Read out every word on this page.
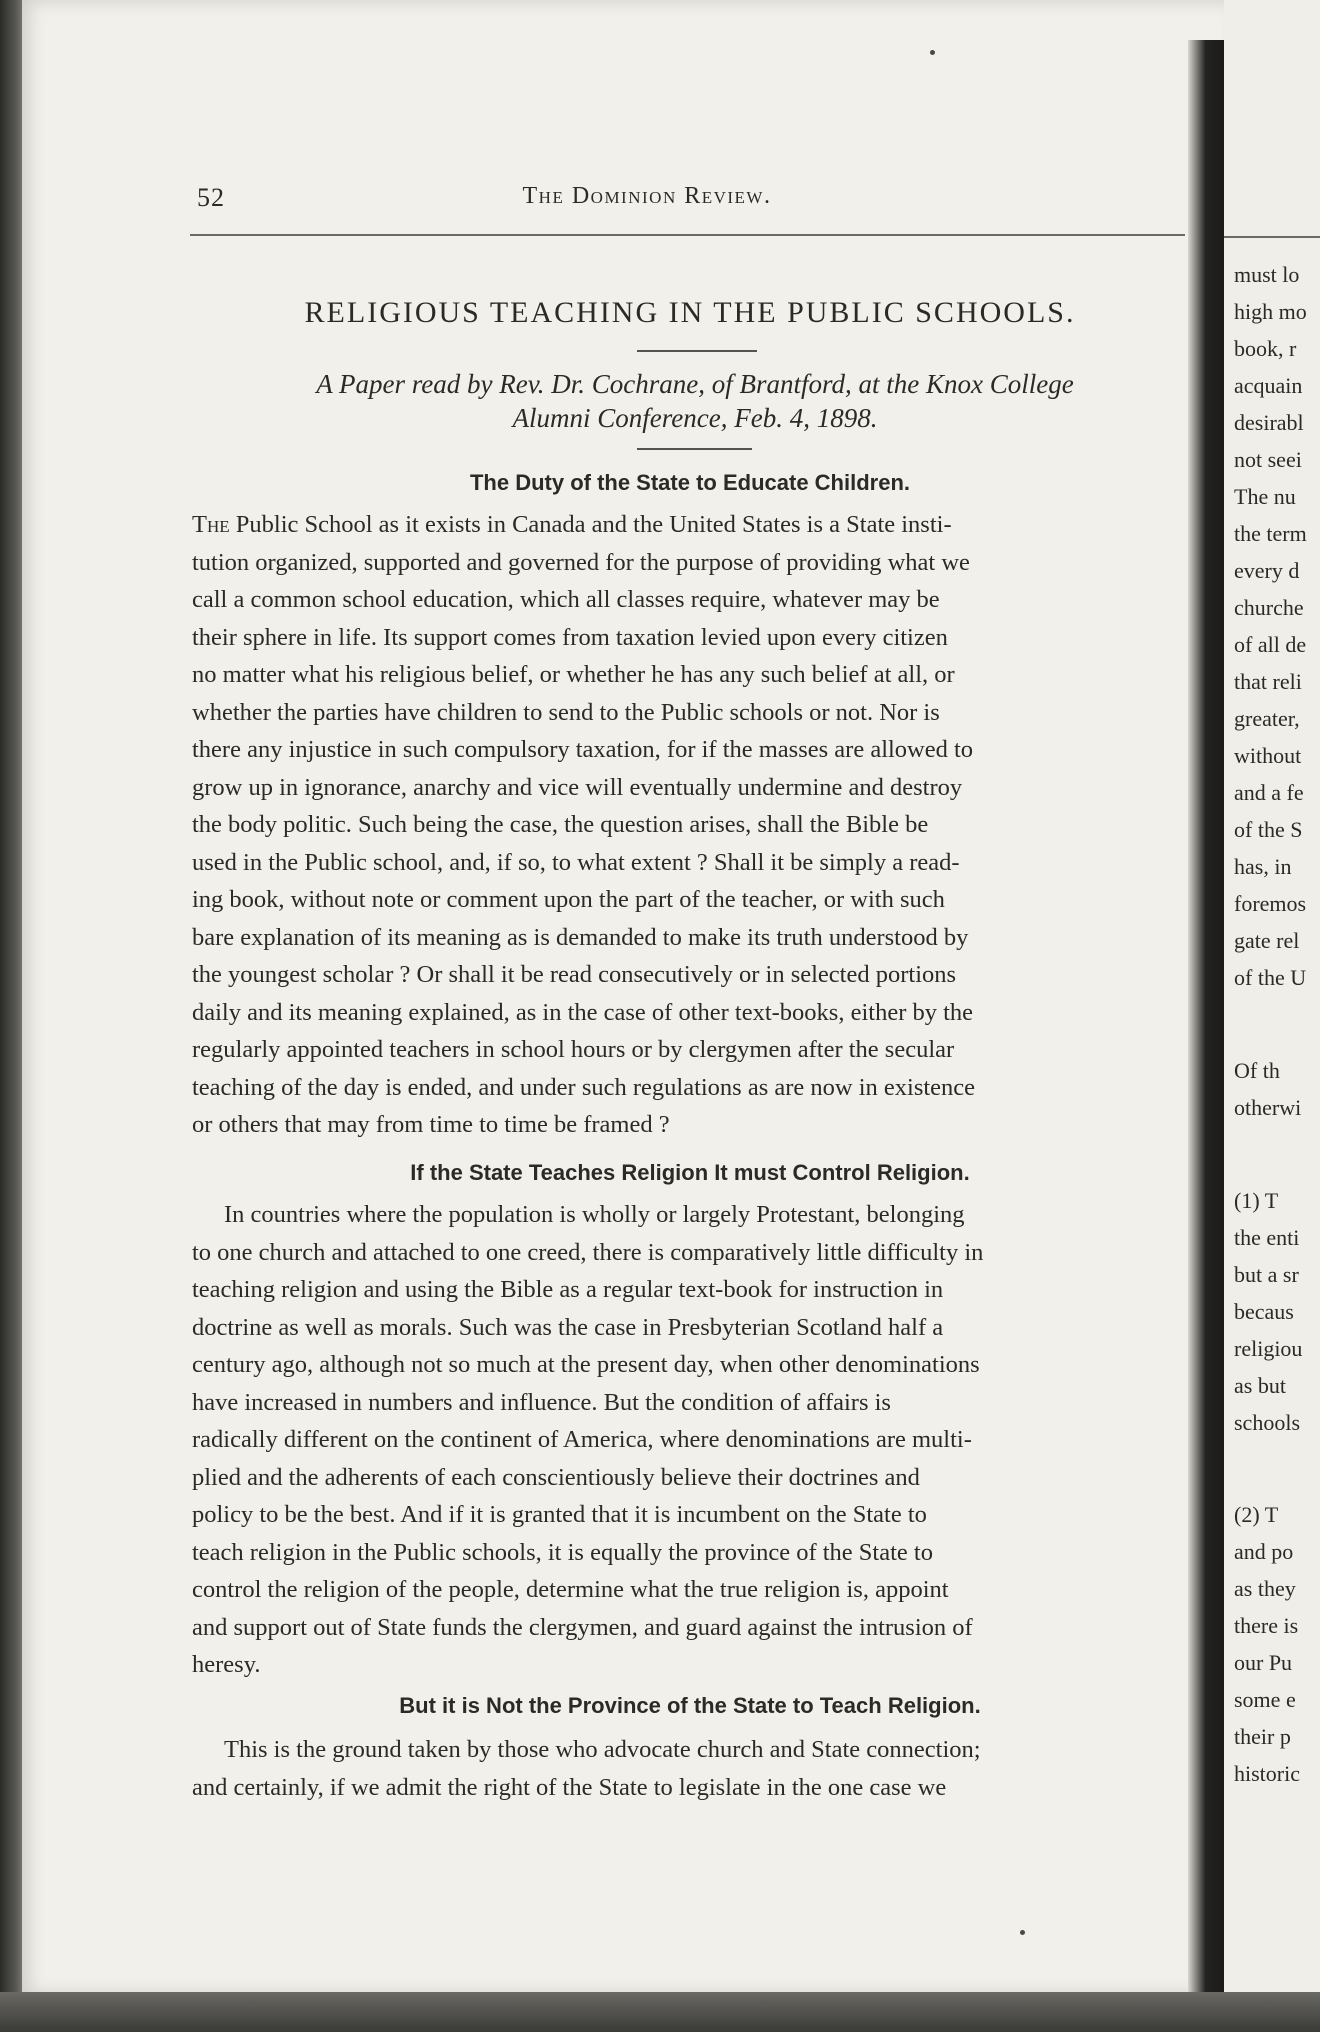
52	The Dominion Review.
RELIGIOUS TEACHING IN THE PUBLIC SCHOOLS.
A Paper read by Rev. Dr. Cochrane, of Brantford, at the Knox College
Alumni Conference, Feb. 4, 1898.
The Duty of the State to Educate Children.
The Public School as it exists in Canada and the United States is a State insti-
tution organized, supported and governed for the purpose of providing what we
call a common school education, which all classes require, whatever may be
their sphere in life. Its support comes from taxation levied upon every citizen
no matter what his religious belief, or whether he has any such belief at all, or
whether the parties have children to send to the Public schools or not. Nor is
there any injustice in such compulsory taxation, for if the masses are allowed to
grow up in ignorance, anarchy and vice will eventually undermine and destroy
the body politic. Such being the case, the question arises, shall the Bible be
used in the Public school, and, if so, to what extent ? Shall it be simply a read-
ing book, without note or comment upon the part of the teacher, or with such
bare explanation of its meaning as is demanded to make its truth understood by
the youngest scholar ? Or shall it be read consecutively or in selected portions
daily and its meaning explained, as in the case of other text-books, either by the
regularly appointed teachers in school hours or by clergymen after the secular
teaching of the day is ended, and under such regulations as are now in existence
or others that may from time to time be framed ?
If the State Teaches Religion It must Control Religion.
In countries where the population is wholly or largely Protestant, belonging
to one church and attached to one creed, there is comparatively little difficulty in
teaching religion and using the Bible as a regular text-book for instruction in
doctrine as well as morals. Such was the case in Presbyterian Scotland half a
century ago, although not so much at the present day, when other denominations
have increased in numbers and influence. But the condition of affairs is
radically different on the continent of America, where denominations are multi-
plied and the adherents of each conscientiously believe their doctrines and
policy to be the best. And if it is granted that it is incumbent on the State to
teach religion in the Public schools, it is equally the province of the State to
control the religion of the people, determine what the true religion is, appoint
and support out of State funds the clergymen, and guard against the intrusion of
heresy.
But it is Not the Province of the State to Teach Religion.
This is the ground taken by those who advocate church and State connection;
and certainly, if we admit the right of the State to legislate in the one case we
must lo
high mo
book, r
acquain
desirabl
not seei
The nu
the term
every d
churche
of all de
that reli
greater,
without
and a fe
of the S
has, in
foremos
gate rel
of the U
Of th
otherwi
(1) T
the enti
but a sr
becaus
religiou
as but
schools
(2) T
and po
as they
there is
our Pu
some e
their p
historic
